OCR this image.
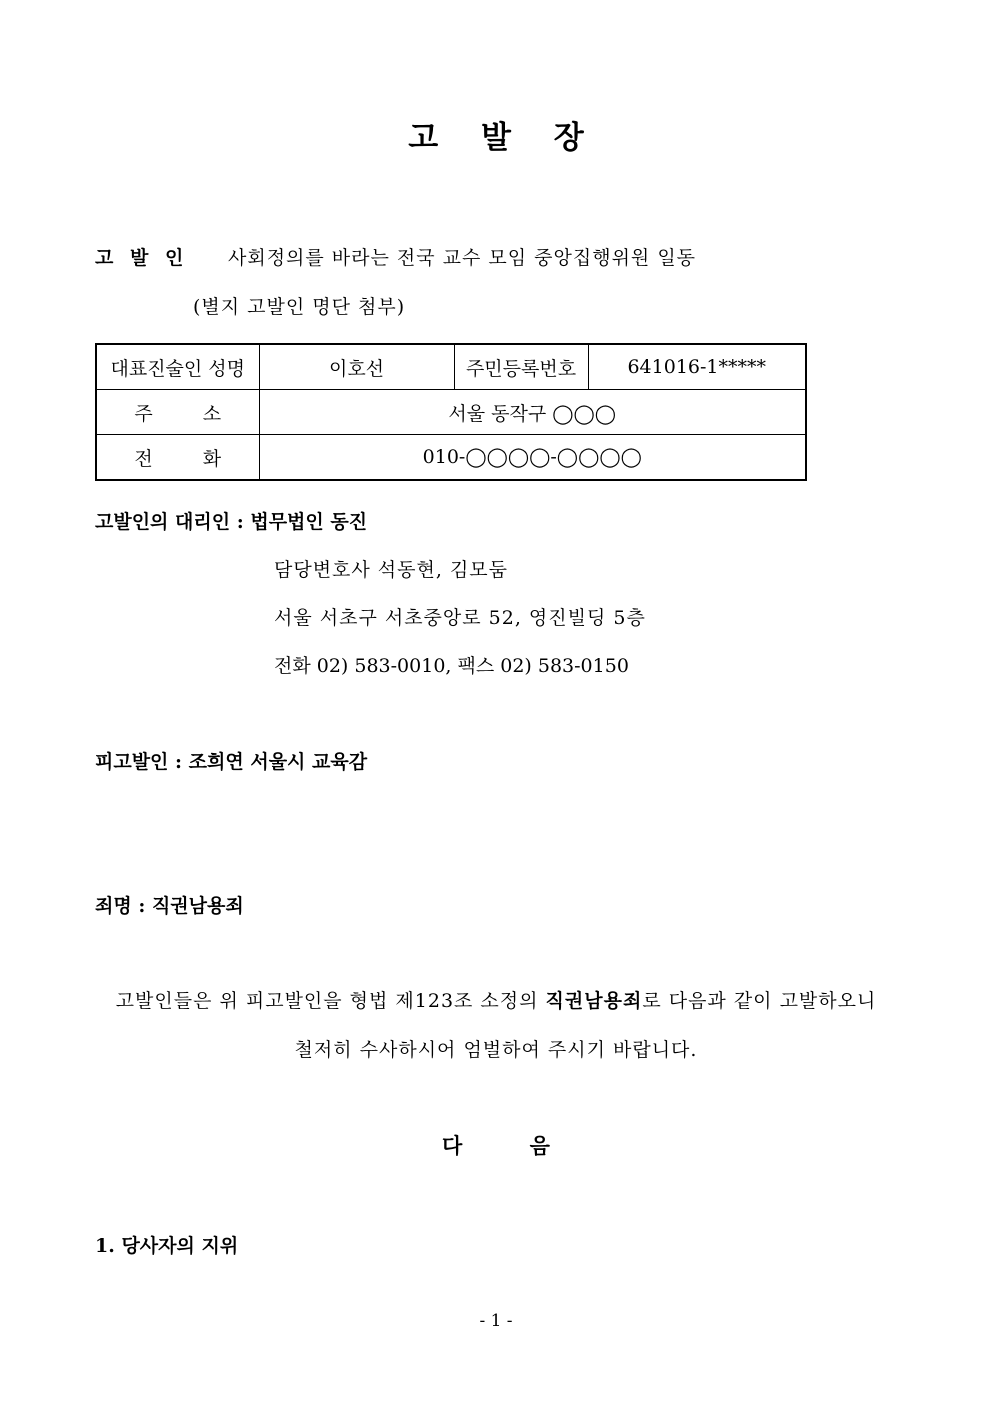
고 발 장
고 발 인 사회정의를 바라는 전국 교수 모임 중앙집행위원 일동
(별지 고발인 명단 첨부)
대표진술인 성명	이호선	주민등록번호	641016-1*****
주 소	서울 동작구 ◯◯◯		
전 화	010-◯◯◯◯-◯◯◯◯		
고발인의 대리인 : 법무법인 동진
담당변호사 석동현, 김모둠
서울 서초구 서초중앙로 52, 영진빌딩 5층
전화 02) 583-0010, 팩스 02) 583-0150
피고발인 : 조희연 서울시 교육감
죄명 : 직권남용죄
고발인들은 위 피고발인을 형법 제123조 소정의 직권남용죄로 다음과 같이 고발하오니
철저히 수사하시어 엄벌하여 주시기 바랍니다.
다 음
1. 당사자의 지위
- 1 -
